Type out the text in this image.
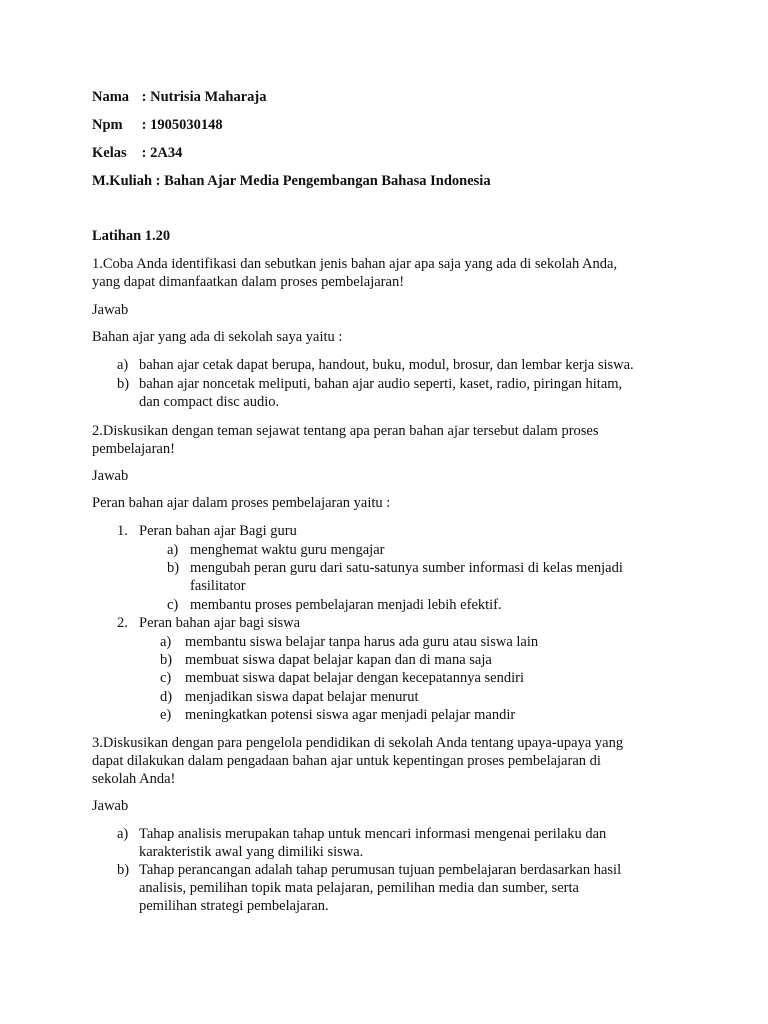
Nama : Nutrisia Maharaja
Npm : 1905030148
Kelas : 2A34
M.Kuliah : Bahan Ajar Media Pengembangan Bahasa Indonesia
Latihan 1.20
1.Coba Anda identifikasi dan sebutkan jenis bahan ajar apa saja yang ada di sekolah Anda,
yang dapat dimanfaatkan dalam proses pembelajaran!
Jawab
Bahan ajar yang ada di sekolah saya yaitu :
a) bahan ajar cetak dapat berupa, handout, buku, modul, brosur, dan lembar kerja siswa.
b) bahan ajar noncetak meliputi, bahan ajar audio seperti, kaset, radio, piringan hitam,
dan compact disc audio.
2.Diskusikan dengan teman sejawat tentang apa peran bahan ajar tersebut dalam proses
pembelajaran!
Jawab
Peran bahan ajar dalam proses pembelajaran yaitu :
1. Peran bahan ajar Bagi guru
a) menghemat waktu guru mengajar
b) mengubah peran guru dari satu-satunya sumber informasi di kelas menjadi
fasilitator
c) membantu proses pembelajaran menjadi lebih efektif.
2. Peran bahan ajar bagi siswa
a) membantu siswa belajar tanpa harus ada guru atau siswa lain
b) membuat siswa dapat belajar kapan dan di mana saja
c) membuat siswa dapat belajar dengan kecepatannya sendiri
d) menjadikan siswa dapat belajar menurut
e) meningkatkan potensi siswa agar menjadi pelajar mandir
3.Diskusikan dengan para pengelola pendidikan di sekolah Anda tentang upaya-upaya yang
dapat dilakukan dalam pengadaan bahan ajar untuk kepentingan proses pembelajaran di
sekolah Anda!
Jawab
a) Tahap analisis merupakan tahap untuk mencari informasi mengenai perilaku dan
karakteristik awal yang dimiliki siswa.
b) Tahap perancangan adalah tahap perumusan tujuan pembelajaran berdasarkan hasil
analisis, pemilihan topik mata pelajaran, pemilihan media dan sumber, serta
pemilihan strategi pembelajaran.
